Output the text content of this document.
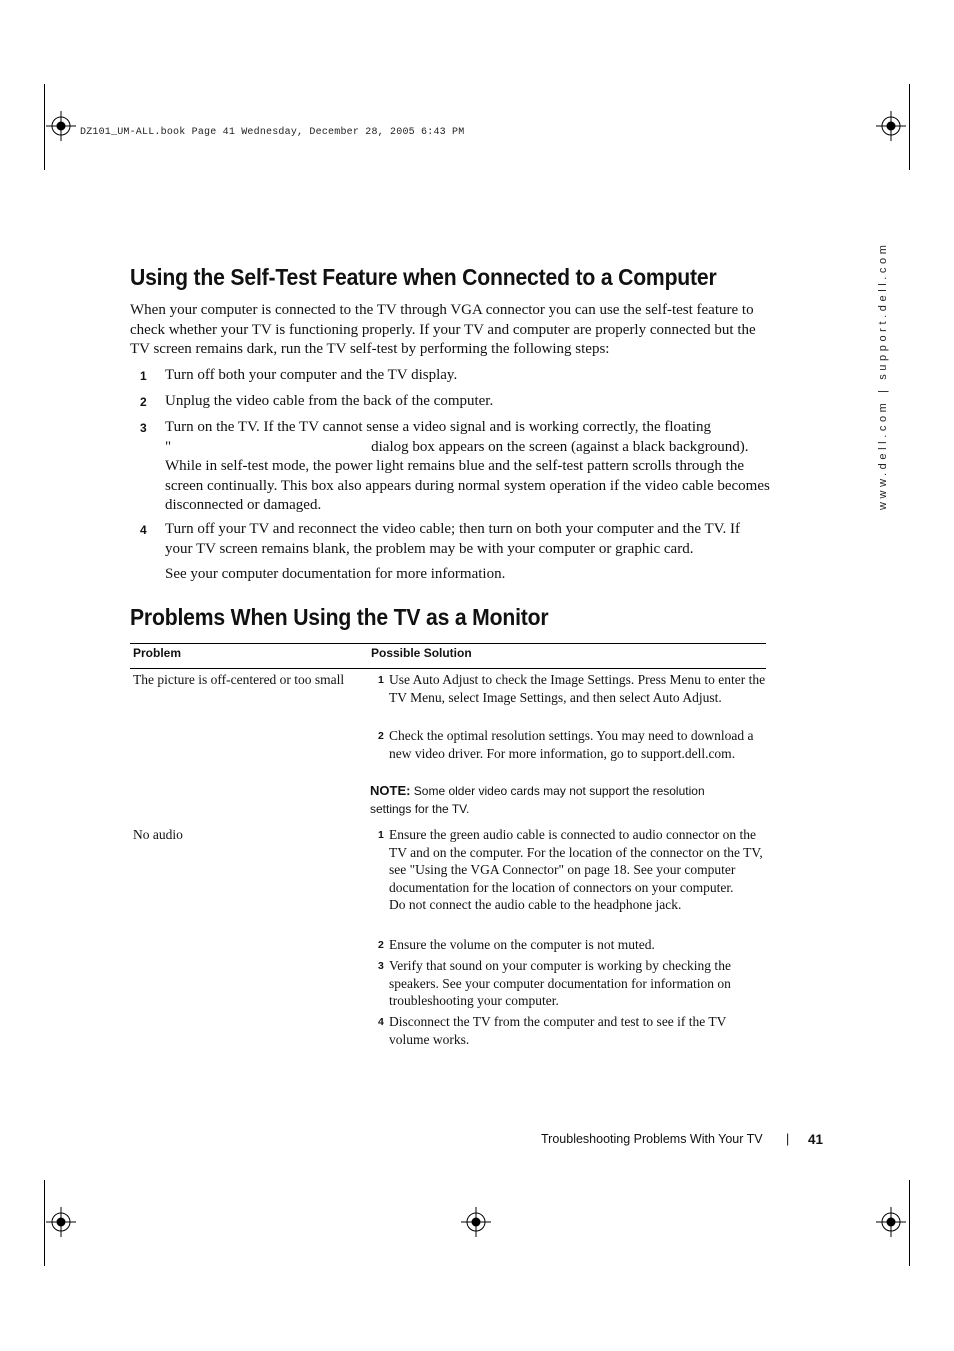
DZ101_UM-ALL.book Page 41 Wednesday, December 28, 2005 6:43 PM
www.dell.com | support.dell.com
Using the Self-Test Feature when Connected to a Computer

When your computer is connected to the TV through VGA connector you can use the self-test feature to check whether your TV is functioning properly. If your TV and computer are properly connected but the TV screen remains dark, run the TV self-test by performing the following steps:

1 Turn off both your computer and the TV display.
2 Unplug the video cable from the back of the computer.
3 Turn on the TV. If the TV cannot sense a video signal and is working correctly, the floating
"	dialog box appears on the screen (against a black background). While in self-test mode, the power light remains blue and the self-test pattern scrolls through the screen continually. This box also appears during normal system operation if the video cable becomes disconnected or damaged.
4 Turn off your TV and reconnect the video cable; then turn on both your computer and the TV. If your TV screen remains blank, the problem may be with your computer or graphic card.
See your computer documentation for more information.
Problems When Using the TV as a Monitor
Problem	Possible Solution
The picture is off-centered or too small	1 Use Auto Adjust to check the Image Settings. Press Menu to enter the TV Menu, select Image Settings, and then select Auto Adjust.
2 Check the optimal resolution settings. You may need to download a new video driver. For more information, go to support.dell.com.
NOTE: Some older video cards may not support the resolution settings for the TV.
No audio	1 Ensure the green audio cable is connected to audio connector on the TV and on the computer. For the location of the connector on the TV, see "Using the VGA Connector" on page 18. See your computer documentation for the location of connectors on your computer.
Do not connect the audio cable to the headphone jack.
2 Ensure the volume on the computer is not muted.
3 Verify that sound on your computer is working by checking the speakers. See your computer documentation for information on troubleshooting your computer.
4 Disconnect the TV from the computer and test to see if the TV volume works.
Troubleshooting Problems With Your TV | 41
